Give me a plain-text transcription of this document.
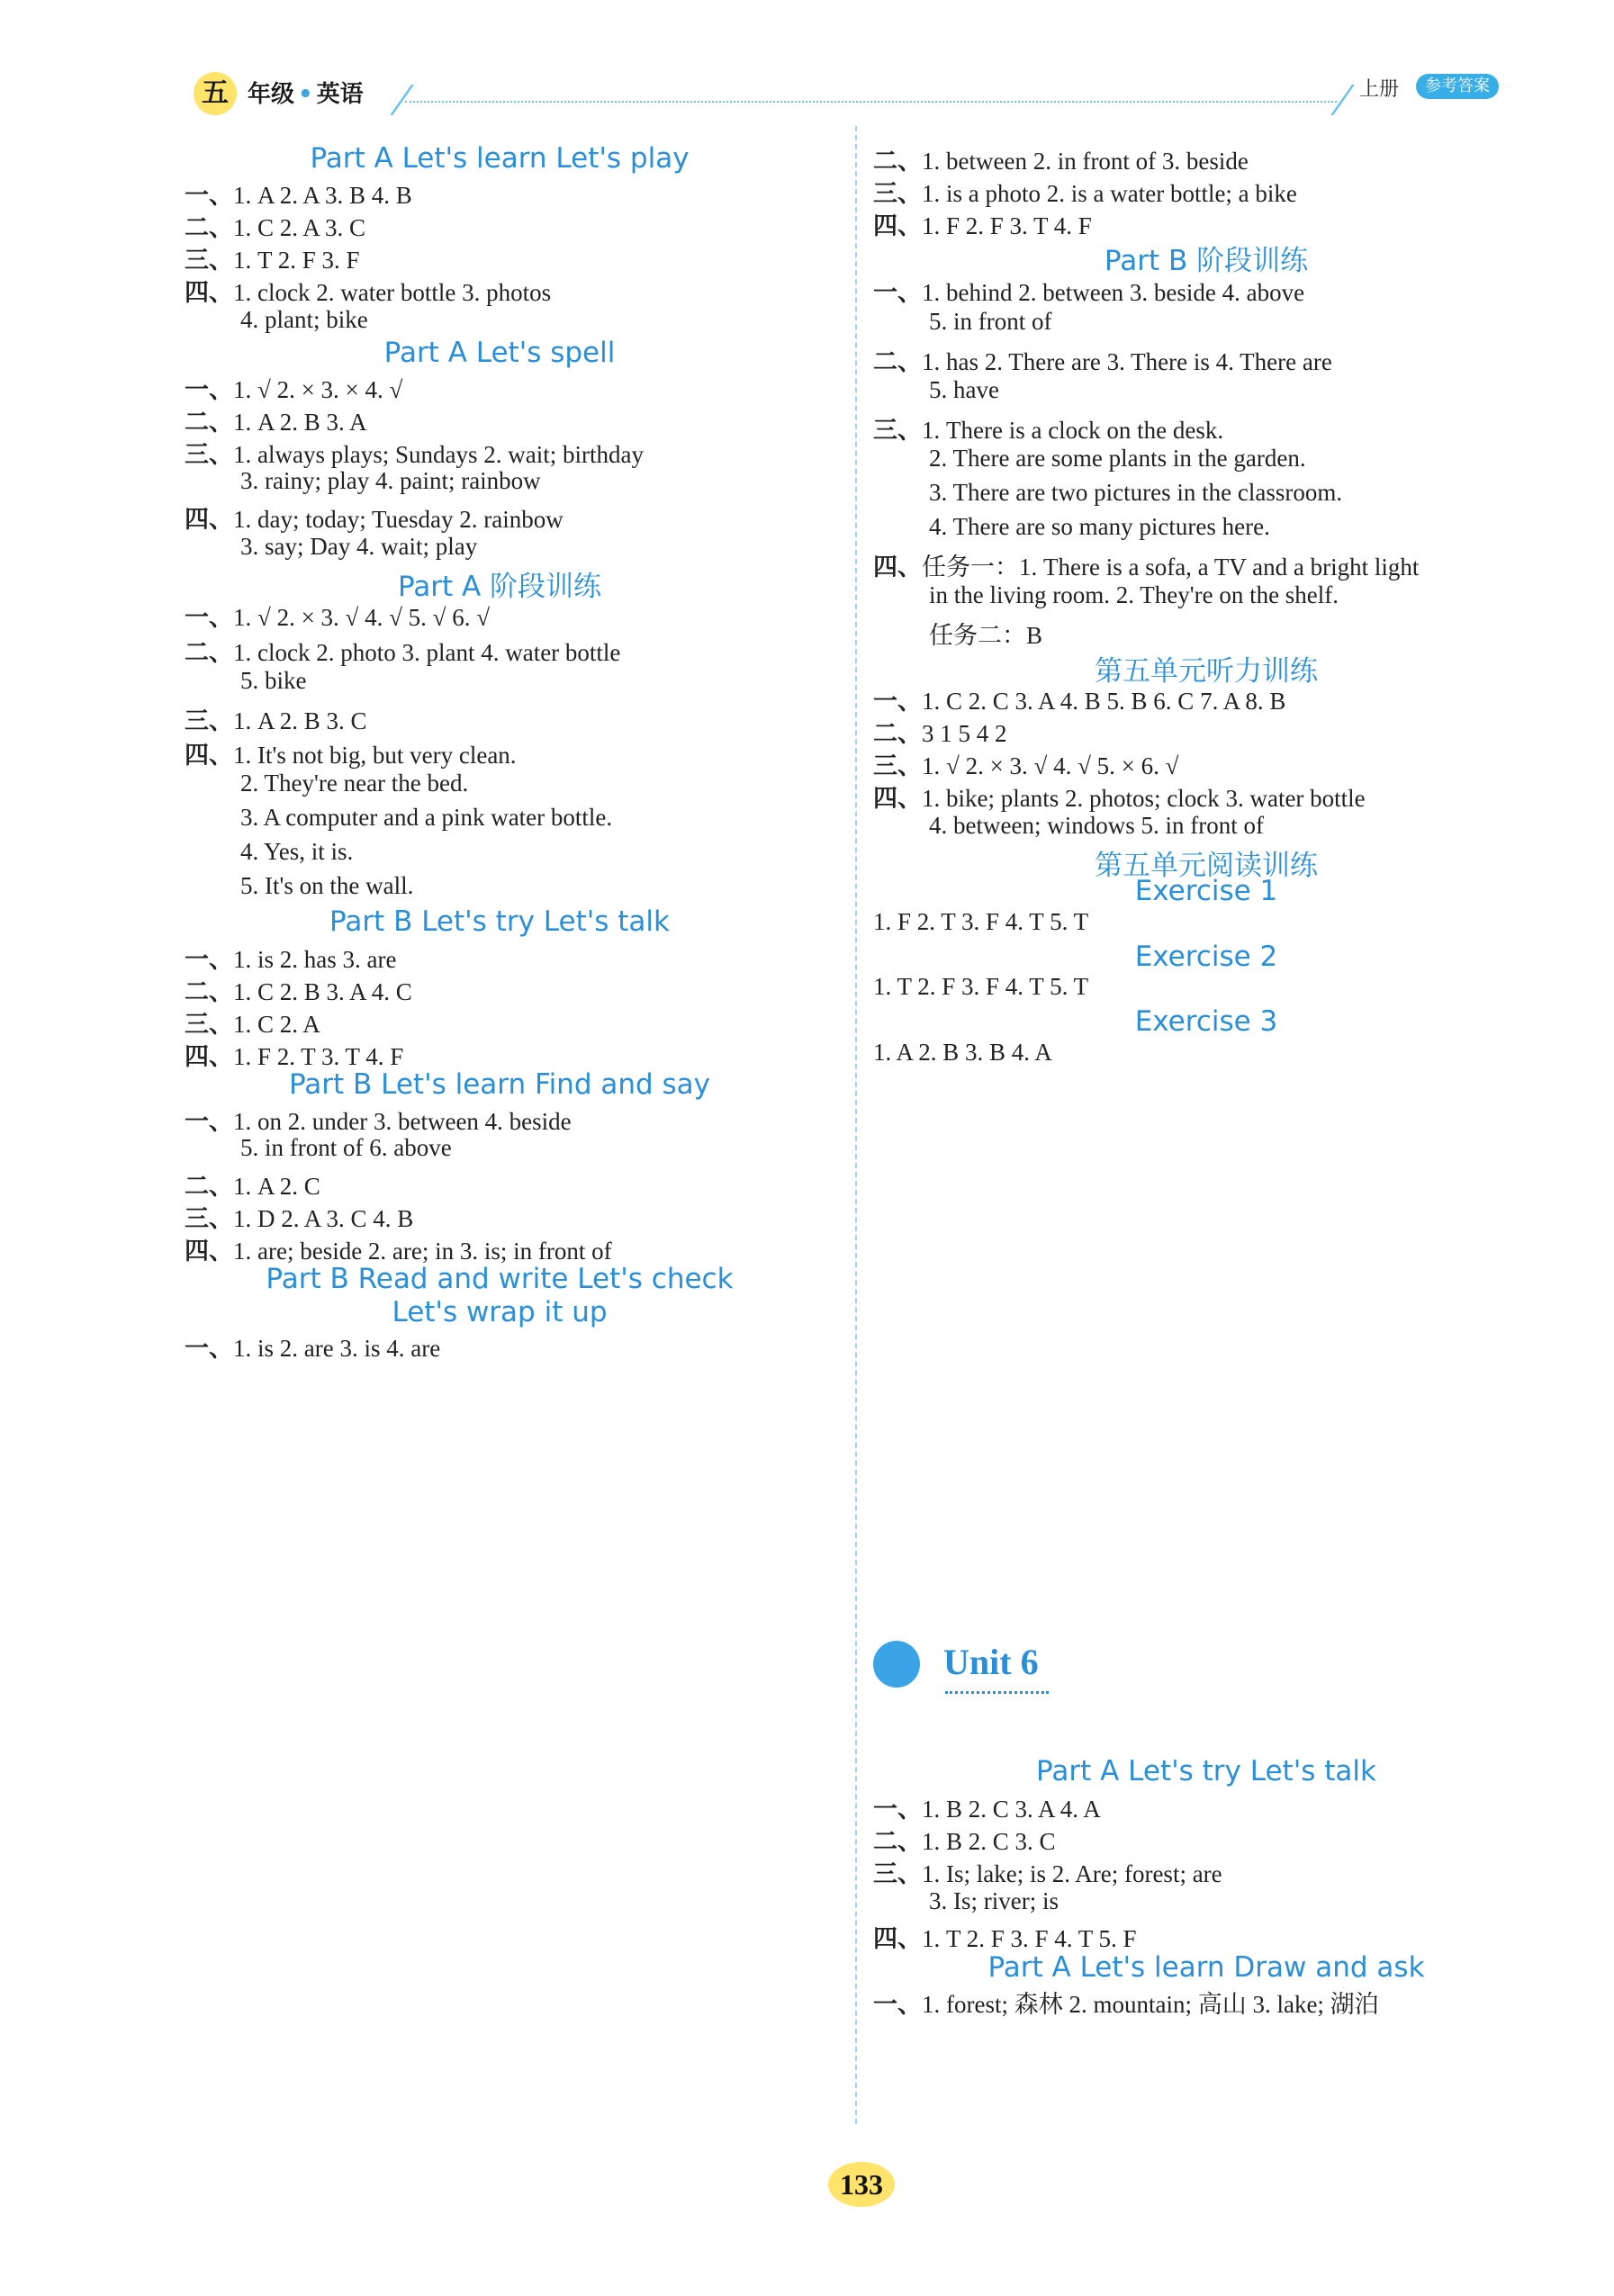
五 年级 • 英语	上册	参考答案
Part A Let's learn Let's play
一、1. A 2. A 3. B 4. B
二、1. C 2. A 3. C
三、1. T 2. F 3. F
四、1. clock 2. water bottle 3. photos
4. plant; bike
Part A Let's spell
一、1. √ 2. × 3. × 4. √
二、1. A 2. B 3. A
三、1. always plays; Sundays 2. wait; birthday
3. rainy; play 4. paint; rainbow
四、1. day; today; Tuesday 2. rainbow
3. say; Day 4. wait; play
Part A 阶段训练
一、1. √ 2. × 3. √ 4. √ 5. √ 6. √
二、1. clock 2. photo 3. plant 4. water bottle
5. bike
三、1. A 2. B 3. C
四、1. It's not big, but very clean.
2. They're near the bed.
3. A computer and a pink water bottle.
4. Yes, it is.
5. It's on the wall.
Part B Let's try Let's talk
一、1. is 2. has 3. are
二、1. C 2. B 3. A 4. C
三、1. C 2. A
四、1. F 2. T 3. T 4. F
Part B Let's learn Find and say
一、1. on 2. under 3. between 4. beside
5. in front of 6. above
二、1. A 2. C
三、1. D 2. A 3. C 4. B
四、1. are; beside 2. are; in 3. is; in front of
Part B Read and write Let's check
Let's wrap it up
一、1. is 2. are 3. is 4. are
二、1. between 2. in front of 3. beside
三、1. is a photo 2. is a water bottle; a bike
四、1. F 2. F 3. T 4. F
Part B 阶段训练
一、1. behind 2. between 3. beside 4. above
5. in front of
二、1. has 2. There are 3. There is 4. There are
5. have
三、1. There is a clock on the desk.
2. There are some plants in the garden.
3. There are two pictures in the classroom.
4. There are so many pictures here.
四、任务一：1. There is a sofa, a TV and a bright light
in the living room. 2. They're on the shelf.
任务二：B
第五单元听力训练
一、1. C 2. C 3. A 4. B 5. B 6. C 7. A 8. B
二、3 1 5 4 2
三、1. √ 2. × 3. √ 4. √ 5. × 6. √
四、1. bike; plants 2. photos; clock 3. water bottle
4. between; windows 5. in front of
第五单元阅读训练
Exercise 1
1. F 2. T 3. F 4. T 5. T
Exercise 2
1. T 2. F 3. F 4. T 5. T
Exercise 3
1. A 2. B 3. B 4. A
Part A Let's try Let's talk
一、1. B 2. C 3. A 4. A
二、1. B 2. C 3. C
三、1. Is; lake; is 2. Are; forest; are
3. Is; river; is
四、1. T 2. F 3. F 4. T 5. F
Part A Let's learn Draw and ask
一、1. forest; 森林 2. mountain; 高山 3. lake; 湖泊
Unit 6
133
